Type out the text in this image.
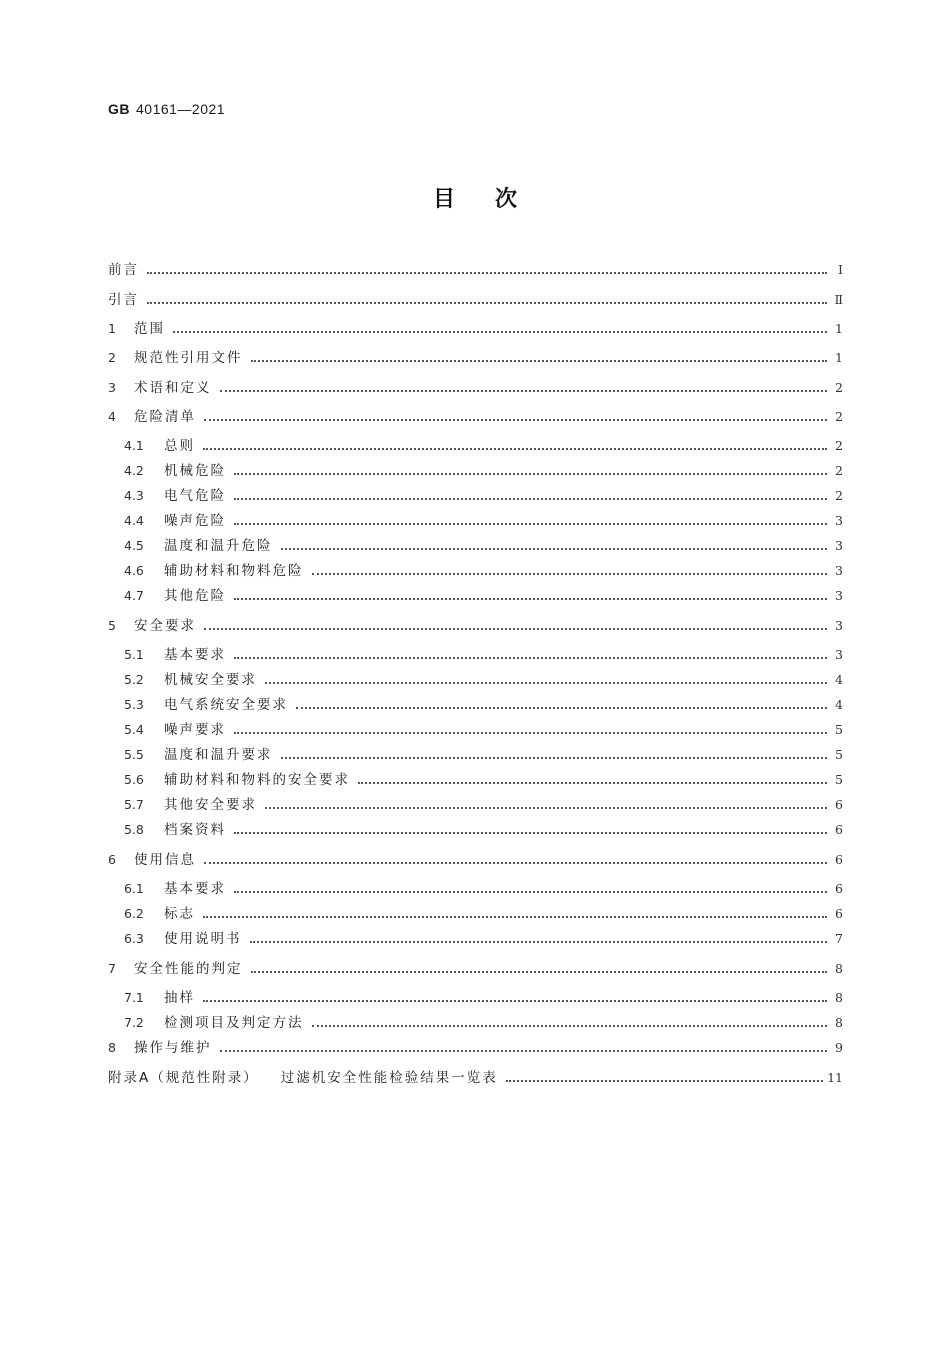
GB 40161—2021
目次
前言	Ⅰ
引言	Ⅱ
1	范围	1
2	规范性引用文件	1
3	术语和定义	2
4	危险清单	2
4.1	总则	2
4.2	机械危险	2
4.3	电气危险	2
4.4	噪声危险	3
4.5	温度和温升危险	3
4.6	辅助材料和物料危险	3
4.7	其他危险	3
5	安全要求	3
5.1	基本要求	3
5.2	机械安全要求	4
5.3	电气系统安全要求	4
5.4	噪声要求	5
5.5	温度和温升要求	5
5.6	辅助材料和物料的安全要求	5
5.7	其他安全要求	6
5.8	档案资料	6
6	使用信息	6
6.1	基本要求	6
6.2	标志	6
6.3	使用说明书	7
7	安全性能的判定	8
7.1	抽样	8
7.2	检测项目及判定方法	8
8	操作与维护	9
附录A（规范性附录） 过滤机安全性能检验结果一览表	11
